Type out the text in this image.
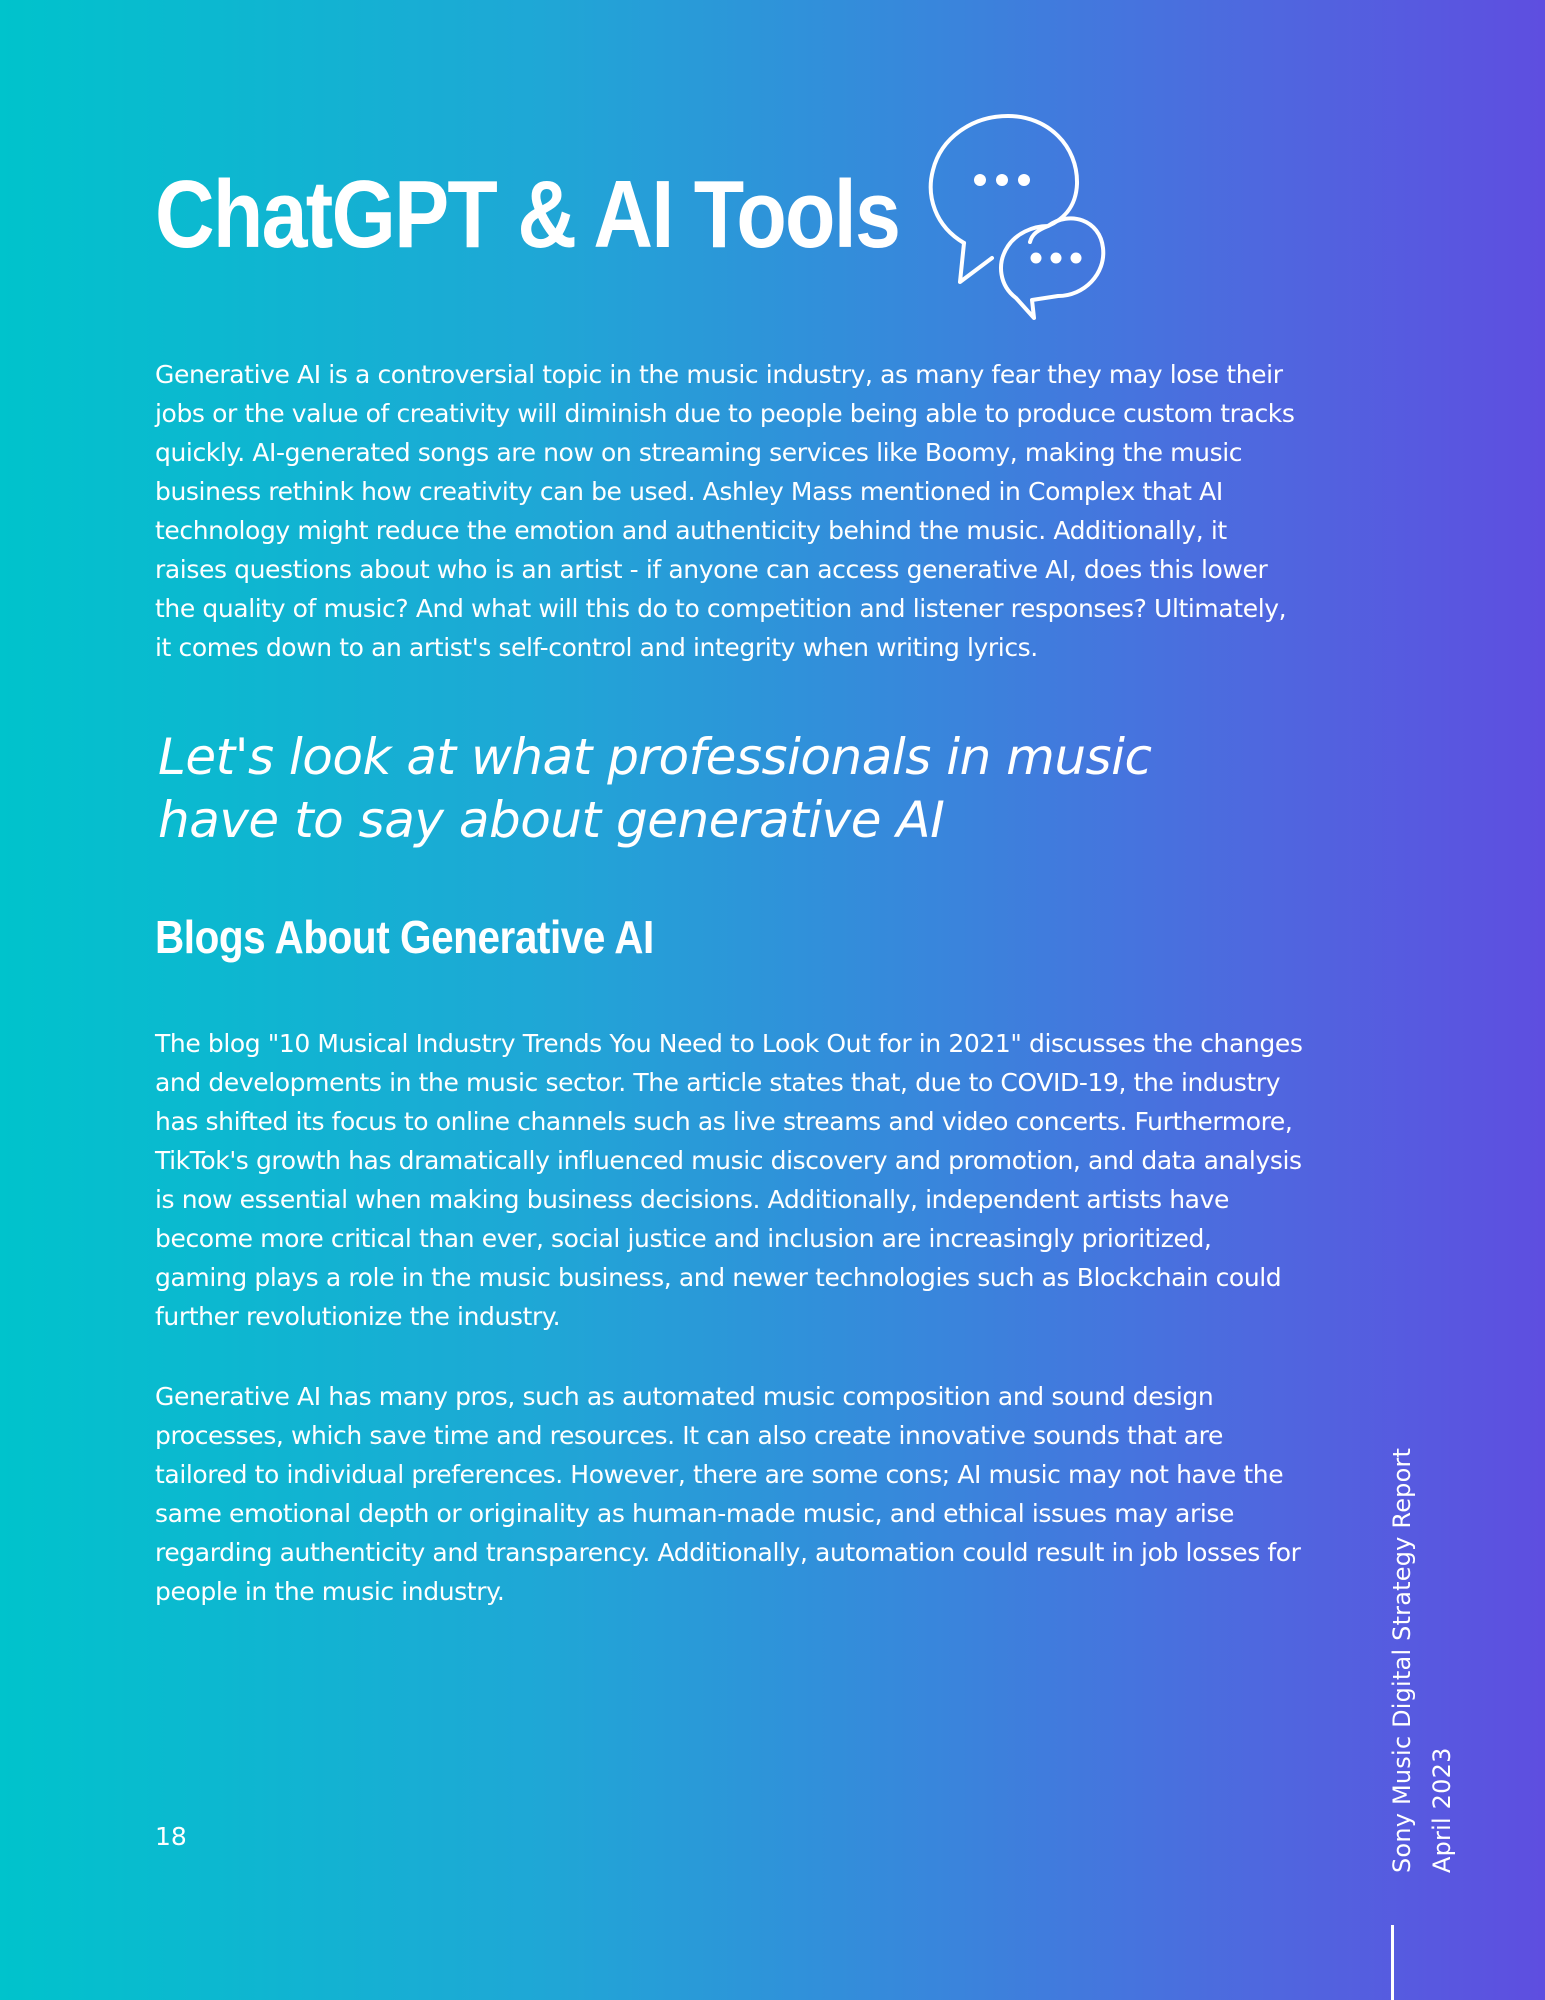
ChatGPT & AI Tools

Generative AI is a controversial topic in the music industry, as many fear they may lose their jobs or the value of creativity will diminish due to people being able to produce custom tracks quickly. AI-generated songs are now on streaming services like Boomy, making the music business rethink how creativity can be used. Ashley Mass mentioned in Complex that AI technology might reduce the emotion and authenticity behind the music. Additionally, it raises questions about who is an artist - if anyone can access generative AI, does this lower the quality of music? And what will this do to competition and listener responses? Ultimately, it comes down to an artist's self-control and integrity when writing lyrics.

Let's look at what professionals in music have to say about generative AI

Blogs About Generative AI

The blog "10 Musical Industry Trends You Need to Look Out for in 2021" discusses the changes and developments in the music sector. The article states that, due to COVID-19, the industry has shifted its focus to online channels such as live streams and video concerts. Furthermore, TikTok's growth has dramatically influenced music discovery and promotion, and data analysis is now essential when making business decisions. Additionally, independent artists have become more critical than ever, social justice and inclusion are increasingly prioritized, gaming plays a role in the music business, and newer technologies such as Blockchain could further revolutionize the industry.

Generative AI has many pros, such as automated music composition and sound design processes, which save time and resources. It can also create innovative sounds that are tailored to individual preferences. However, there are some cons; AI music may not have the same emotional depth or originality as human-made music, and ethical issues may arise regarding authenticity and transparency. Additionally, automation could result in job losses for people in the music industry.

18	Sony Music Digital Strategy Report April 2023
